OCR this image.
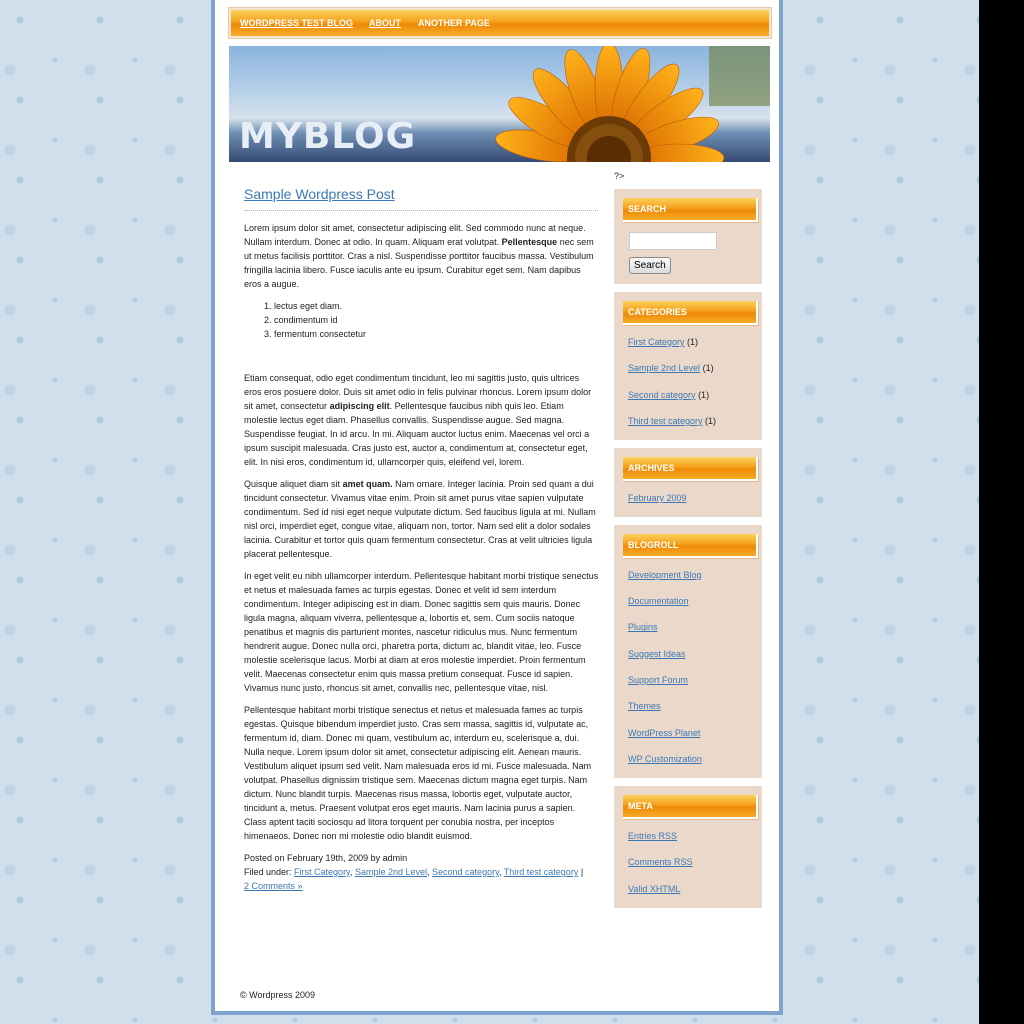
WORDPRESS TEST BLOG ABOUT ANOTHER PAGE
MYBLOG
Sample Wordpress Post

Lorem ipsum dolor sit amet, consectetur adipiscing elit. Sed commodo nunc at neque. Nullam interdum. Donec at odio. In quam. Aliquam erat volutpat. Pellentesque nec sem ut metus facilisis porttitor. Cras a nisl. Suspendisse porttitor faucibus massa. Vestibulum fringilla lacinia libero. Fusce iaculis ante eu ipsum. Curabitur eget sem. Nam dapibus eros a augue.

1. lectus eget diam.
2. condimentum id
3. fermentum consectetur

Etiam consequat, odio eget condimentum tincidunt, leo mi sagittis justo, quis ultrices eros eros posuere dolor. Duis sit amet odio in felis pulvinar rhoncus. Lorem ipsum dolor sit amet, consectetur adipiscing elit. Pellentesque faucibus nibh quis leo. Etiam molestie lectus eget diam. Phasellus convallis. Suspendisse augue. Sed magna. Suspendisse feugiat. In id arcu. In mi. Aliquam auctor luctus enim. Maecenas vel orci a ipsum suscipit malesuada. Cras justo est, auctor a, condimentum at, consectetur eget, elit. In nisi eros, condimentum id, ullamcorper quis, eleifend vel, lorem.

Quisque aliquet diam sit amet quam. Nam ornare. Integer lacinia. Proin sed quam a dui tincidunt consectetur. Vivamus vitae enim. Proin sit amet purus vitae sapien vulputate condimentum. Sed id nisi eget neque vulputate dictum. Sed faucibus ligula at mi. Nullam nisl orci, imperdiet eget, congue vitae, aliquam non, tortor. Nam sed elit a dolor sodales lacinia. Curabitur et tortor quis quam fermentum consectetur. Cras at velit ultricies ligula placerat pellentesque.

In eget velit eu nibh ullamcorper interdum. Pellentesque habitant morbi tristique senectus et netus et malesuada fames ac turpis egestas. Donec et velit id sem interdum condimentum. Integer adipiscing est in diam. Donec sagittis sem quis mauris. Donec ligula magna, aliquam viverra, pellentesque a, lobortis et, sem. Cum sociis natoque penatibus et magnis dis parturient montes, nascetur ridiculus mus. Nunc fermentum hendrerit augue. Donec nulla orci, pharetra porta, dictum ac, blandit vitae, leo. Fusce molestie scelerisque lacus. Morbi at diam at eros molestie imperdiet. Proin fermentum velit. Maecenas consectetur enim quis massa pretium consequat. Fusce id sapien. Vivamus nunc justo, rhoncus sit amet, convallis nec, pellentesque vitae, nisl.

Pellentesque habitant morbi tristique senectus et netus et malesuada fames ac turpis egestas. Quisque bibendum imperdiet justo. Cras sem massa, sagittis id, vulputate ac, fermentum id, diam. Donec mi quam, vestibulum ac, interdum eu, scelerisque a, dui. Nulla neque. Lorem ipsum dolor sit amet, consectetur adipiscing elit. Aenean mauris. Vestibulum aliquet ipsum sed velit. Nam malesuada eros id mi. Fusce malesuada. Nam volutpat. Phasellus dignissim tristique sem. Maecenas dictum magna eget turpis. Nam dictum. Nunc blandit turpis. Maecenas risus massa, lobortis eget, vulputate auctor, tincidunt a, metus. Praesent volutpat eros eget mauris. Nam lacinia purus a sapien. Class aptent taciti sociosqu ad litora torquent per conubia nostra, per inceptos himenaeos. Donec non mi molestie odio blandit euismod.

Posted on February 19th, 2009 by admin
Filed under: First Category, Sample 2nd Level, Second category, Third test category |
2 Comments »
?>
SEARCH
Search
CATEGORIES
First Category (1)
Sample 2nd Level (1)
Second category (1)
Third test category (1)
ARCHIVES
February 2009
BLOGROLL
Development Blog
Documentation
Plugins
Suggest Ideas
Support Forum
Themes
WordPress Planet
WP Customization
META
Entries RSS
Comments RSS
Valid XHTML
© Wordpress 2009
